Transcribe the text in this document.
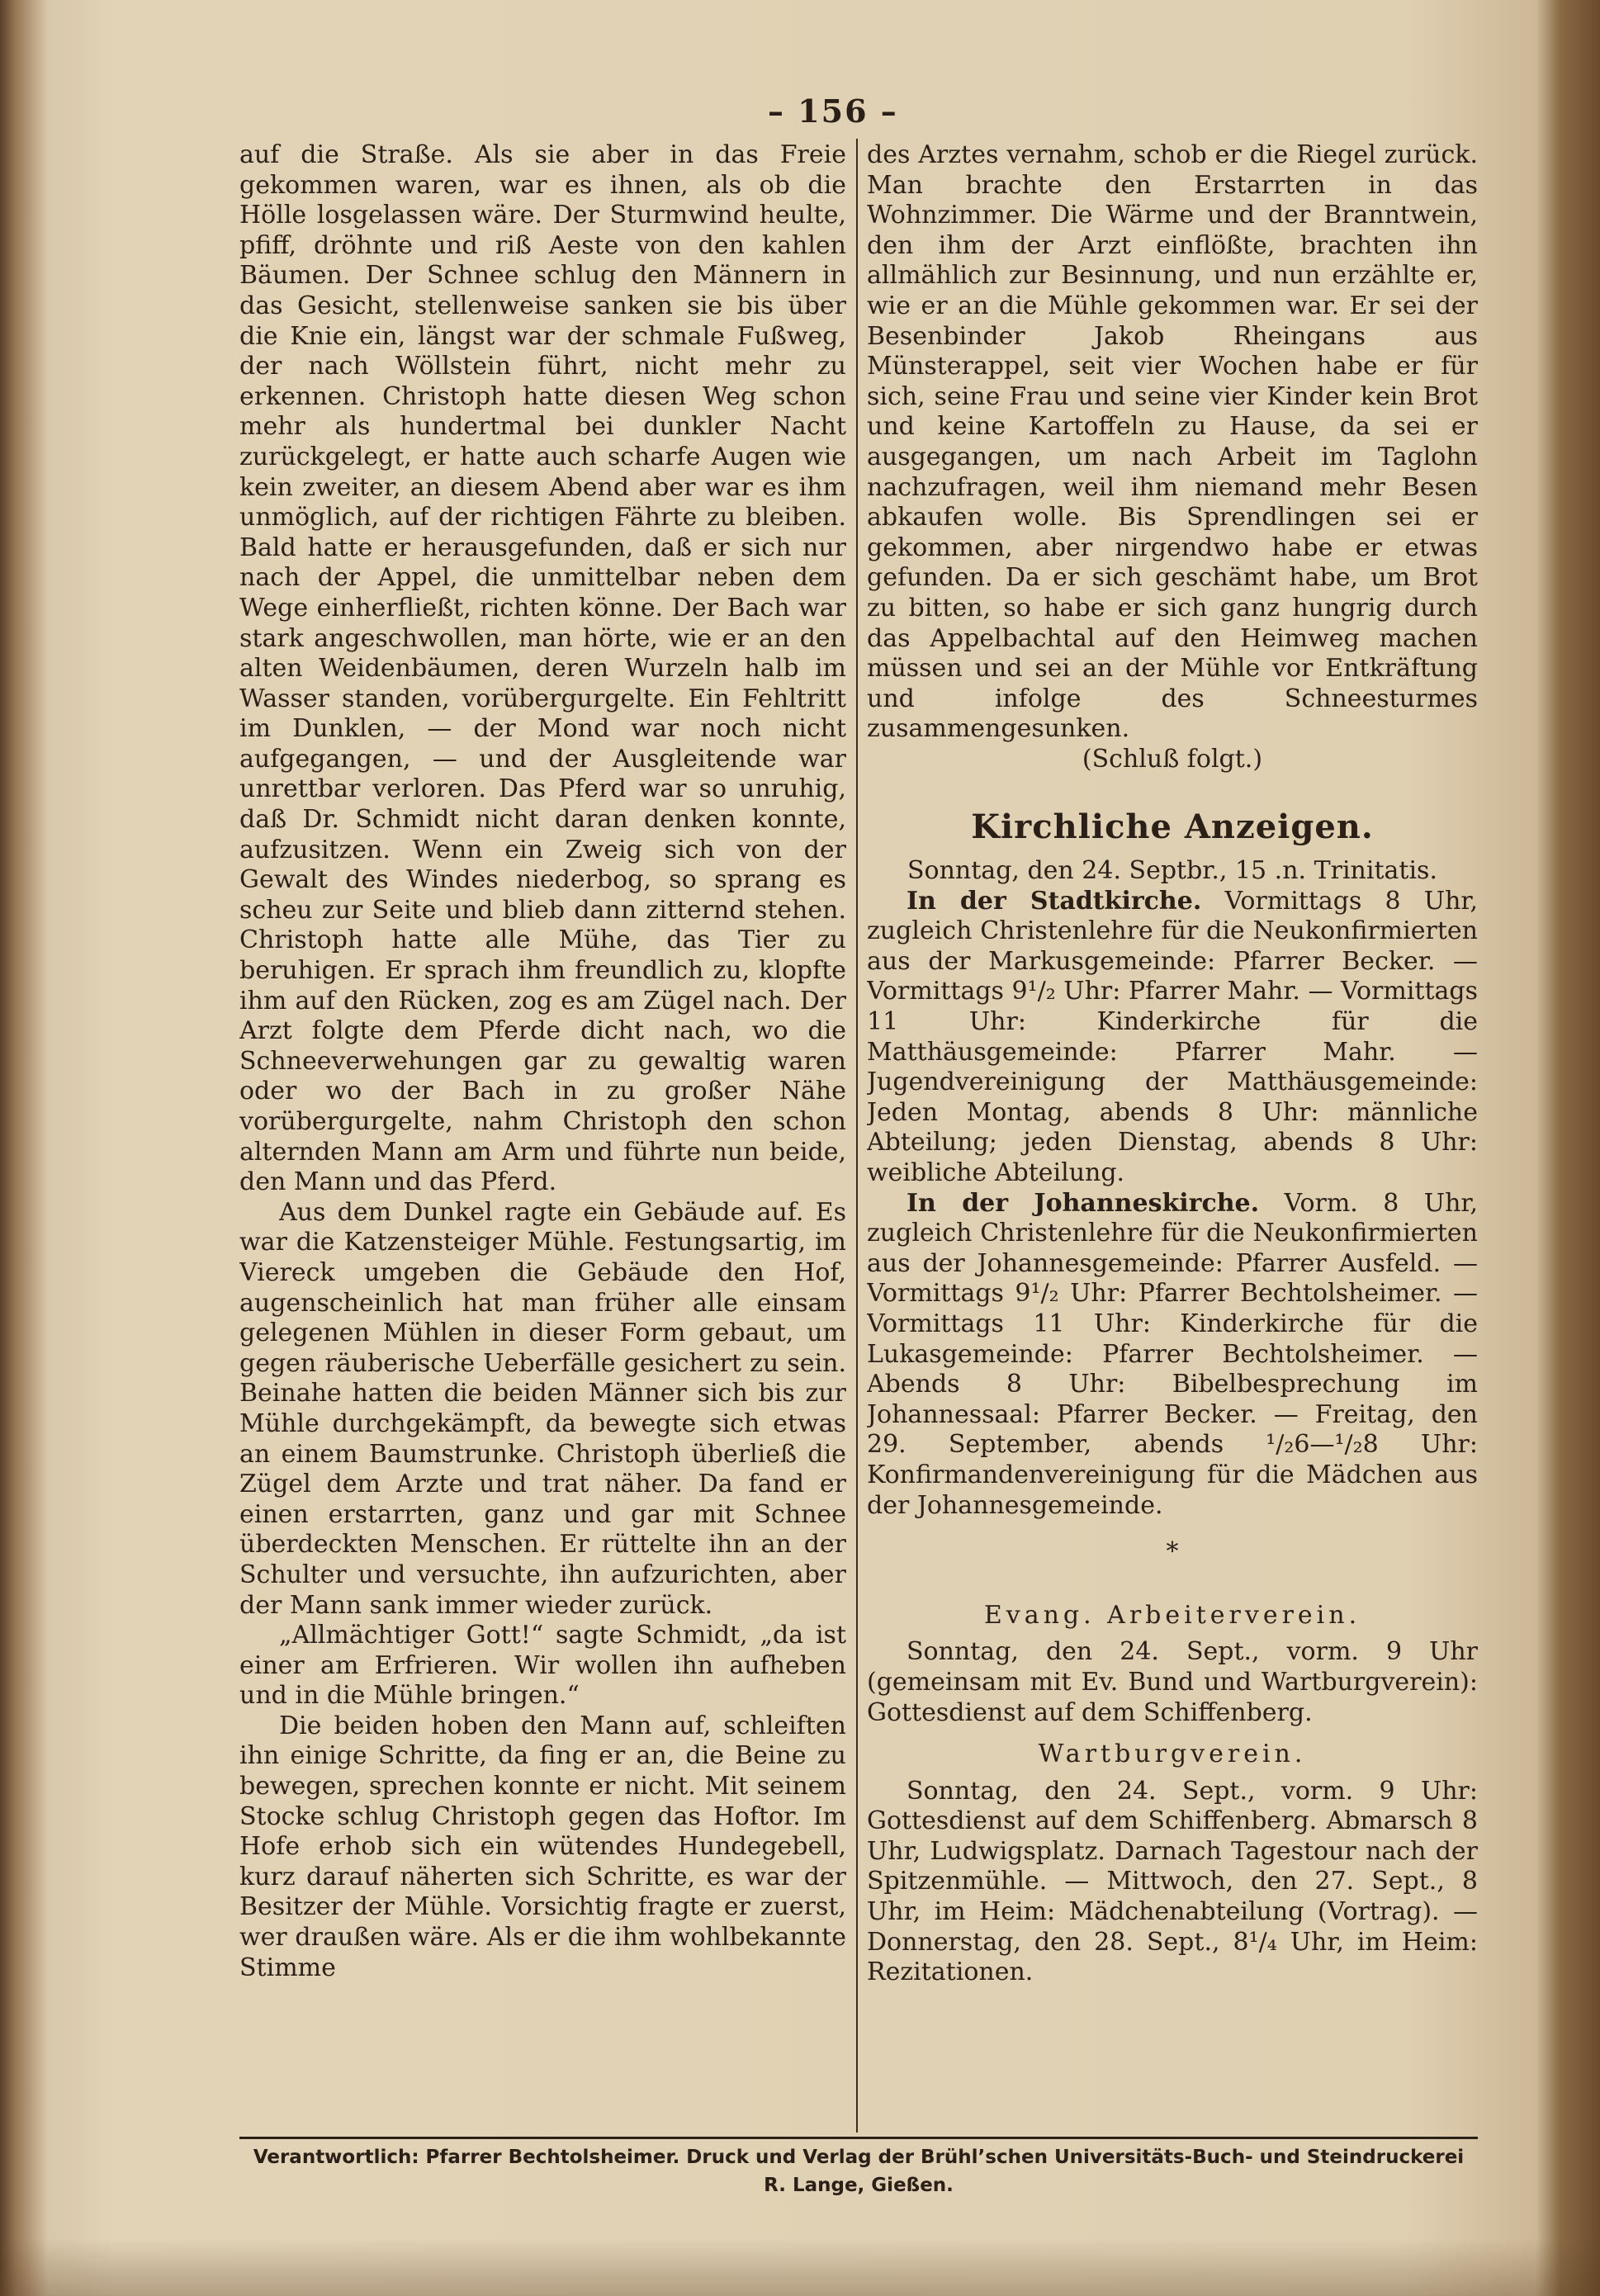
– 156 –

auf die Straße. Als sie aber in das Freie gekommen waren, war es ihnen, als ob die Hölle losgelassen wäre. Der Sturmwind heulte, pfiff, dröhnte und riß Aeste von den kahlen Bäumen. Der Schnee schlug den Männern in das Gesicht, stellenweise sanken sie bis über die Knie ein, längst war der schmale Fußweg, der nach Wöllstein führt, nicht mehr zu erkennen. Christoph hatte diesen Weg schon mehr als hundertmal bei dunkler Nacht zurückgelegt, er hatte auch scharfe Augen wie kein zweiter, an diesem Abend aber war es ihm unmöglich, auf der richtigen Fährte zu bleiben. Bald hatte er herausgefunden, daß er sich nur nach der Appel, die unmittelbar neben dem Wege einherfließt, richten könne. Der Bach war stark angeschwollen, man hörte, wie er an den alten Weidenbäumen, deren Wurzeln halb im Wasser standen, vorübergurgelte. Ein Fehltritt im Dunklen, — der Mond war noch nicht aufgegangen, — und der Ausgleitende war unrettbar verloren. Das Pferd war so unruhig, daß Dr. Schmidt nicht daran denken konnte, aufzusitzen. Wenn ein Zweig sich von der Gewalt des Windes niederbog, so sprang es scheu zur Seite und blieb dann zitternd stehen. Christoph hatte alle Mühe, das Tier zu beruhigen. Er sprach ihm freundlich zu, klopfte ihm auf den Rücken, zog es am Zügel nach. Der Arzt folgte dem Pferde dicht nach, wo die Schneeverwehungen gar zu gewaltig waren oder wo der Bach in zu großer Nähe vorübergurgelte, nahm Christoph den schon alternden Mann am Arm und führte nun beide, den Mann und das Pferd.

Aus dem Dunkel ragte ein Gebäude auf. Es war die Katzensteiger Mühle. Festungsartig, im Viereck umgeben die Gebäude den Hof, augenscheinlich hat man früher alle einsam gelegenen Mühlen in dieser Form gebaut, um gegen räuberische Ueberfälle gesichert zu sein. Beinahe hatten die beiden Männer sich bis zur Mühle durchgekämpft, da bewegte sich etwas an einem Baumstrunke. Christoph überließ die Zügel dem Arzte und trat näher. Da fand er einen erstarrten, ganz und gar mit Schnee überdeckten Menschen. Er rüttelte ihn an der Schulter und versuchte, ihn aufzurichten, aber der Mann sank immer wieder zurück.

„Allmächtiger Gott!“ sagte Schmidt, „da ist einer am Erfrieren. Wir wollen ihn aufheben und in die Mühle bringen.“

Die beiden hoben den Mann auf, schleiften ihn einige Schritte, da fing er an, die Beine zu bewegen, sprechen konnte er nicht. Mit seinem Stocke schlug Christoph gegen das Hoftor. Im Hofe erhob sich ein wütendes Hundegebell, kurz darauf näherten sich Schritte, es war der Besitzer der Mühle. Vorsichtig fragte er zuerst, wer draußen wäre. Als er die ihm wohlbekannte Stimme

des Arztes vernahm, schob er die Riegel zurück. Man brachte den Erstarrten in das Wohnzimmer. Die Wärme und der Branntwein, den ihm der Arzt einflößte, brachten ihn allmählich zur Besinnung, und nun erzählte er, wie er an die Mühle gekommen war. Er sei der Besenbinder Jakob Rheingans aus Münsterappel, seit vier Wochen habe er für sich, seine Frau und seine vier Kinder kein Brot und keine Kartoffeln zu Hause, da sei er ausgegangen, um nach Arbeit im Taglohn nachzufragen, weil ihm niemand mehr Besen abkaufen wolle. Bis Sprendlingen sei er gekommen, aber nirgendwo habe er etwas gefunden. Da er sich geschämt habe, um Brot zu bitten, so habe er sich ganz hungrig durch das Appelbachtal auf den Heimweg machen müssen und sei an der Mühle vor Entkräftung und infolge des Schneesturmes zusammengesunken.

(Schluß folgt.)

Kirchliche Anzeigen.

Sonntag, den 24. Septbr., 15 .n. Trinitatis.

In der Stadtkirche. Vormittags 8 Uhr, zugleich Christenlehre für die Neukonfirmierten aus der Markusgemeinde: Pfarrer Becker. — Vormittags 9¹/₂ Uhr: Pfarrer Mahr. — Vormittags 11 Uhr: Kinderkirche für die Matthäusgemeinde: Pfarrer Mahr. — Jugendvereinigung der Matthäusgemeinde: Jeden Montag, abends 8 Uhr: männliche Abteilung; jeden Dienstag, abends 8 Uhr: weibliche Abteilung.

In der Johanneskirche. Vorm. 8 Uhr, zugleich Christenlehre für die Neukonfirmierten aus der Johannesgemeinde: Pfarrer Ausfeld. — Vormittags 9¹/₂ Uhr: Pfarrer Bechtolsheimer. — Vormittags 11 Uhr: Kinderkirche für die Lukasgemeinde: Pfarrer Bechtolsheimer. — Abends 8 Uhr: Bibelbesprechung im Johannessaal: Pfarrer Becker. — Freitag, den 29. September, abends ¹/₂6—¹/₂8 Uhr: Konfirmandenvereinigung für die Mädchen aus der Johannesgemeinde.

*

Evang. Arbeiterverein.

Sonntag, den 24. Sept., vorm. 9 Uhr (gemeinsam mit Ev. Bund und Wartburgverein): Gottesdienst auf dem Schiffenberg.

Wartburgverein.

Sonntag, den 24. Sept., vorm. 9 Uhr: Gottesdienst auf dem Schiffenberg. Abmarsch 8 Uhr, Ludwigsplatz. Darnach Tagestour nach der Spitzenmühle. — Mittwoch, den 27. Sept., 8 Uhr, im Heim: Mädchenabteilung (Vortrag). — Donnerstag, den 28. Sept., 8¹/₄ Uhr, im Heim: Rezitationen.

Verantwortlich: Pfarrer Bechtolsheimer. Druck und Verlag der Brühl’schen Universitäts-Buch- und Steindruckerei
R. Lange, Gießen.
